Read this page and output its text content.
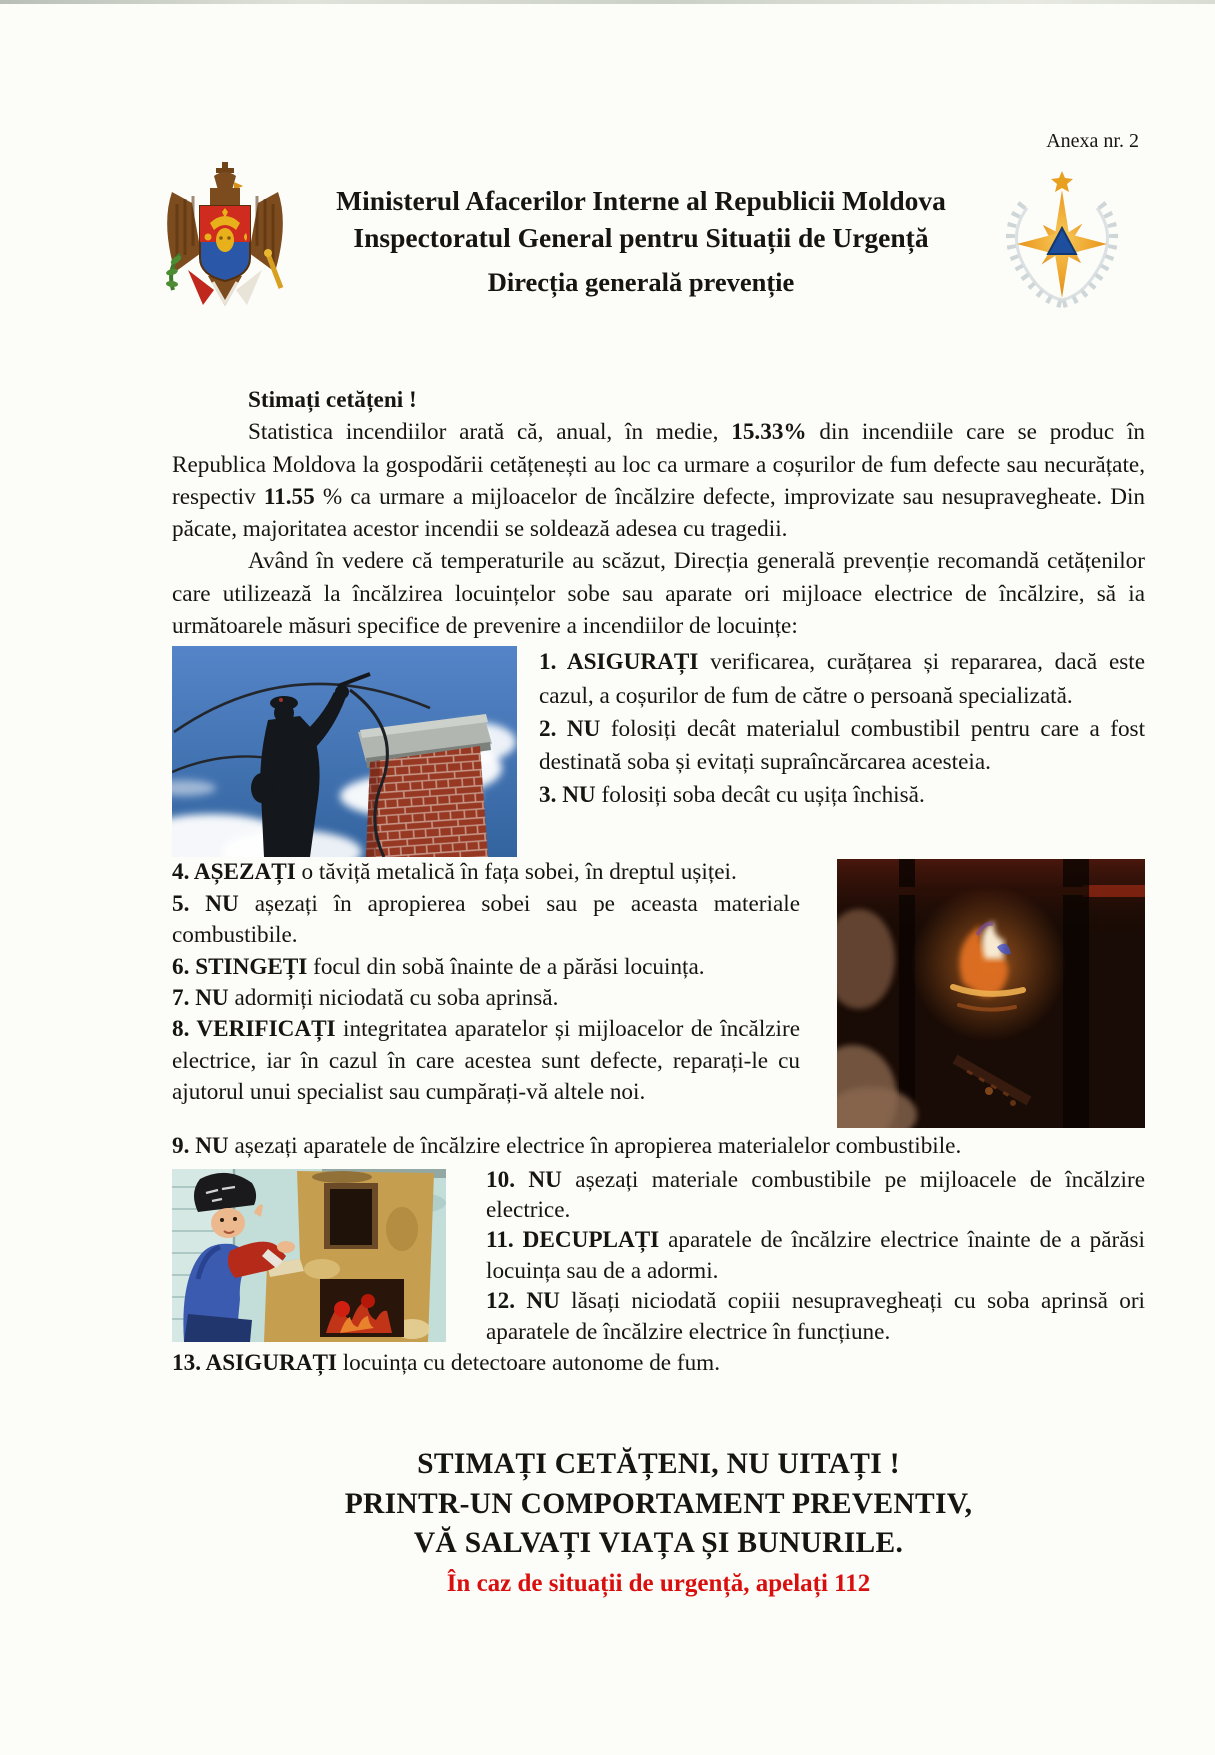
Anexa nr. 2
Ministerul Afacerilor Interne al Republicii Moldova
Inspectoratul General pentru Situații de Urgență
Direcția generală prevenție
Stimați cetățeni !

Statistica incendiilor arată că, anual, în medie, 15.33% din incendiile care se produc în Republica Moldova la gospodării cetățenești au loc ca urmare a coșurilor de fum defecte sau necurățate, respectiv 11.55 % ca urmare a mijloacelor de încălzire defecte, improvizate sau nesupravegheate. Din păcate, majoritatea acestor incendii se soldează adesea cu tragedii.

Având în vedere că temperaturile au scăzut, Direcția generală prevenție recomandă cetățenilor care utilizează la încălzirea locuințelor sobe sau aparate ori mijloace electrice de încălzire, să ia următoarele măsuri specifice de prevenire a incendiilor de locuințe:

1. ASIGURAȚI verificarea, curățarea și repararea, dacă este cazul, a coșurilor de fum de către o persoană specializată.
2. NU folosiți decât materialul combustibil pentru care a fost destinată soba și evitați supraîncărcarea acesteia.
3. NU folosiți soba decât cu ușița închisă.
4. AȘEZAȚI o tăviță metalică în fața sobei, în dreptul ușiței.
5. NU așezați în apropierea sobei sau pe aceasta materiale combustibile.
6. STINGEȚI focul din sobă înainte de a părăsi locuința.
7. NU adormiți niciodată cu soba aprinsă.
8. VERIFICAȚI integritatea aparatelor și mijloacelor de încălzire electrice, iar în cazul în care acestea sunt defecte, reparați-le cu ajutorul unui specialist sau cumpărați-vă altele noi.
9. NU așezați aparatele de încălzire electrice în apropierea materialelor combustibile.
10. NU așezați materiale combustibile pe mijloacele de încălzire electrice.
11. DECUPLAȚI aparatele de încălzire electrice înainte de a părăsi locuința sau de a adormi.
12. NU lăsați niciodată copiii nesupravegheați cu soba aprinsă ori aparatele de încălzire electrice în funcțiune.
13. ASIGURAȚI locuința cu detectoare autonome de fum.
STIMAȚI CETĂȚENI, NU UITAȚI !
PRINTR-UN COMPORTAMENT PREVENTIV,
VĂ SALVAȚI VIAȚA ȘI BUNURILE.
În caz de situații de urgență, apelați 112
